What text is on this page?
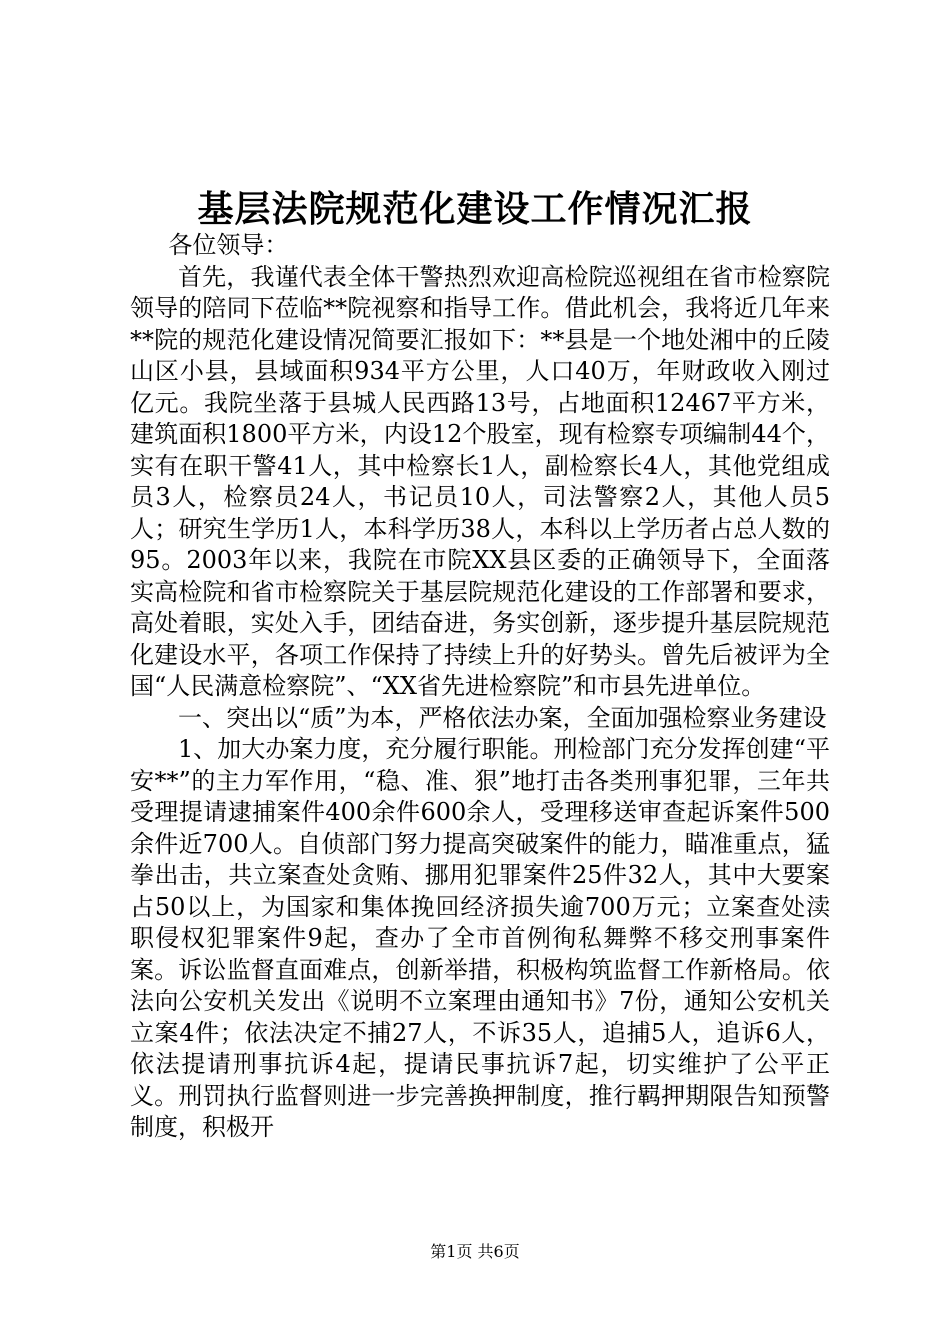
基层法院规范化建设工作情况汇报

各位领导：

首先，我谨代表全体干警热烈欢迎高检院巡视组在省市检察院领导的陪同下莅临**院视察和指导工作。借此机会，我将近几年来**院的规范化建设情况简要汇报如下：**县是一个地处湘中的丘陵山区小县，县域面积934平方公里，人口40万，年财政收入刚过亿元。我院坐落于县城人民西路13号，占地面积12467平方米，建筑面积1800平方米，内设12个股室，现有检察专项编制44个，实有在职干警41人，其中检察长1人，副检察长4人，其他党组成员3人，检察员24人，书记员10人，司法警察2人，其他人员5人；研究生学历1人，本科学历38人，本科以上学历者占总人数的95。2003年以来，我院在市院XX县区委的正确领导下，全面落实高检院和省市检察院关于基层院规范化建设的工作部署和要求，高处着眼，实处入手，团结奋进，务实创新，逐步提升基层院规范化建设水平，各项工作保持了持续上升的好势头。曾先后被评为全国“人民满意检察院”、“XX省先进检察院”和市县先进单位。

一、突出以“质”为本，严格依法办案，全面加强检察业务建设

1、加大办案力度，充分履行职能。刑检部门充分发挥创建“平安**”的主力军作用，“稳、准、狠”地打击各类刑事犯罪，三年共受理提请逮捕案件400余件600余人，受理移送审查起诉案件500余件近700人。自侦部门努力提高突破案件的能力，瞄准重点，猛拳出击，共立案查处贪贿、挪用犯罪案件25件32人，其中大要案占50以上，为国家和集体挽回经济损失逾700万元；立案查处渎职侵权犯罪案件9起，查办了全市首例徇私舞弊不移交刑事案件案。诉讼监督直面难点，创新举措，积极构筑监督工作新格局。依法向公安机关发出《说明不立案理由通知书》7份，通知公安机关立案4件；依法决定不捕27人，不诉35人，追捕5人，追诉6人，依法提请刑事抗诉4起，提请民事抗诉7起，切实维护了公平正义。刑罚执行监督则进一步完善换押制度，推行羁押期限告知预警制度，积极开

第1页 共6页
